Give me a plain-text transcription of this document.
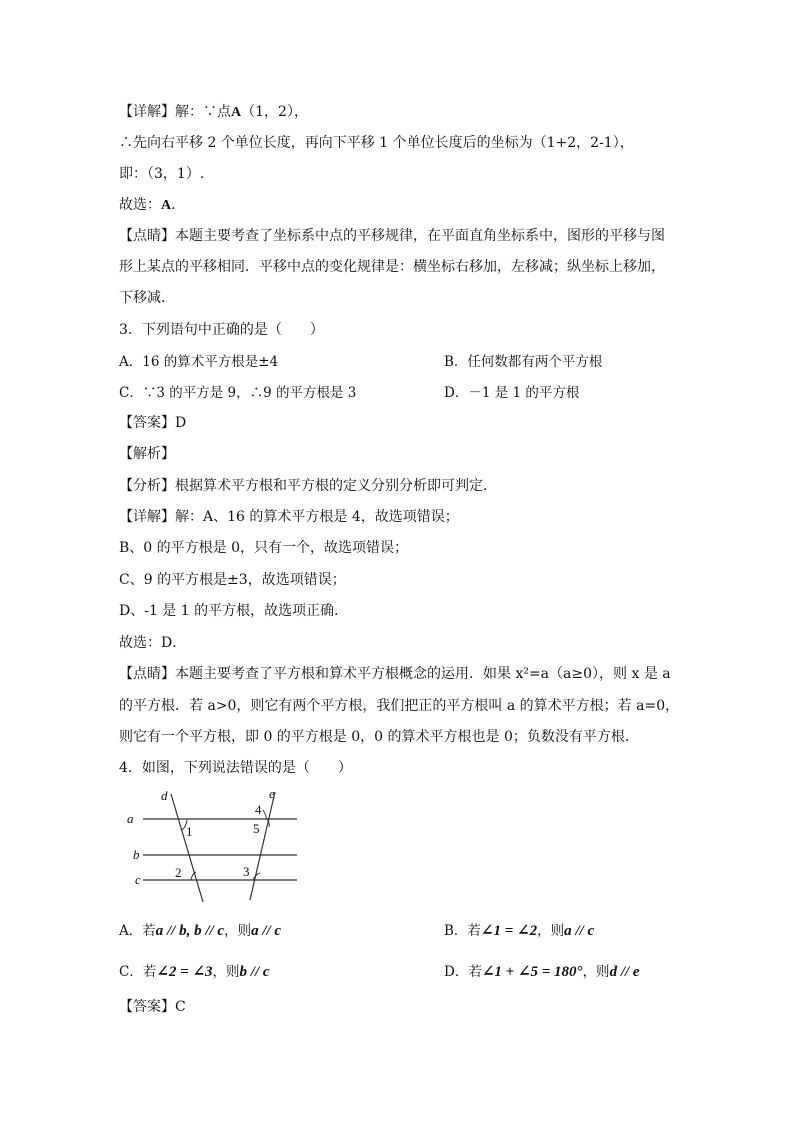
【详解】解：∵点A（1，2），
∴先向右平移 2 个单位长度，再向下平移 1 个单位长度后的坐标为（1+2，2-1），
即：（3，1）.
故选：A.
【点睛】本题主要考查了坐标系中点的平移规律，在平面直角坐标系中，图形的平移与图
形上某点的平移相同．平移中点的变化规律是：横坐标右移加，左移减；纵坐标上移加，
下移减．
3．下列语句中正确的是（　　）
A．16 的算术平方根是±4	B．任何数都有两个平方根
C．∵3 的平方是 9，∴9 的平方根是 3	D．－1 是 1 的平方根
【答案】D
【解析】
【分析】根据算术平方根和平方根的定义分别分析即可判定．
【详解】解：A、16 的算术平方根是 4，故选项错误；
B、0 的平方根是 0，只有一个，故选项错误；
C、9 的平方根是±3，故选项错误；
D、-1 是 1 的平方根，故选项正确．
故选：D．
【点睛】本题主要考查了平方根和算术平方根概念的运用．如果 x²=a（a≥0），则 x 是 a
的平方根．若 a>0，则它有两个平方根，我们把正的平方根叫 a 的算术平方根；若 a=0，
则它有一个平方根，即 0 的平方根是 0，0 的算术平方根也是 0；负数没有平方根．
4．如图，下列说法错误的是（　　）
d	e
a
b
c
1
2	3
4
5
A．若a // b, b // c，则a // c	B．若∠1 = ∠2，则a // c
C．若∠2 = ∠3，则b // c	D．若∠1 + ∠5 = 180°，则d // e
【答案】C
